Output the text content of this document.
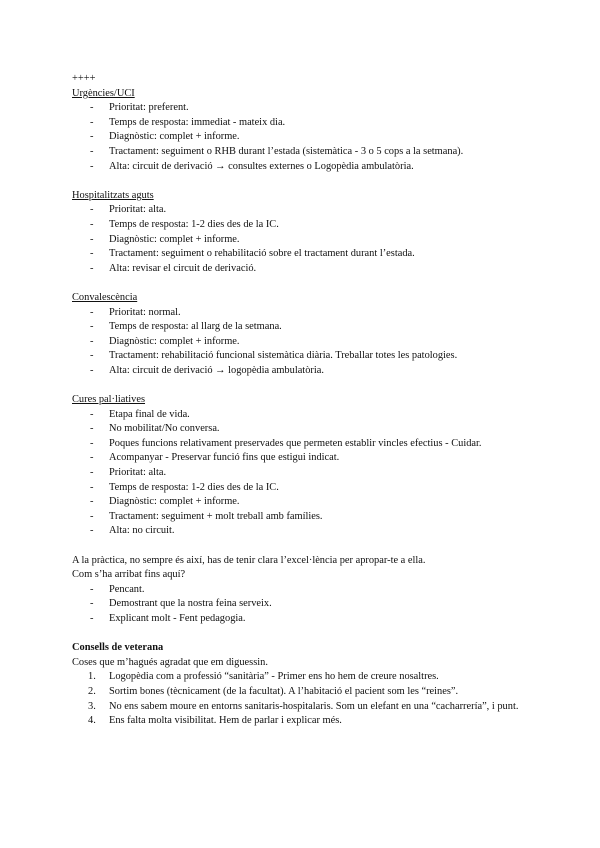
++++
Urgències/UCI
- Prioritat: preferent.
- Temps de resposta: immediat - mateix dia.
- Diagnòstic: complet + informe.
- Tractament: seguiment o RHB durant l’estada (sistemàtica - 3 o 5 cops a la setmana).
- Alta: circuit de derivació → consultes externes o Logopèdia ambulatòria.
Hospitalitzats aguts
- Prioritat: alta.
- Temps de resposta: 1-2 dies des de la IC.
- Diagnòstic: complet + informe.
- Tractament: seguiment o rehabilitació sobre el tractament durant l’estada.
- Alta: revisar el circuit de derivació.
Convalescència
- Prioritat: normal.
- Temps de resposta: al llarg de la setmana.
- Diagnòstic: complet + informe.
- Tractament: rehabilitació funcional sistemàtica diària. Treballar totes les patologies.
- Alta: circuit de derivació → logopèdia ambulatòria.
Cures pal·liatives
- Etapa final de vida.
- No mobilitat/No conversa.
- Poques funcions relativament preservades que permeten establir vincles efectius - Cuidar.
- Acompanyar - Preservar funció fins que estigui indicat.
- Prioritat: alta.
- Temps de resposta: 1-2 dies des de la IC.
- Diagnòstic: complet + informe.
- Tractament: seguiment + molt treball amb famílies.
- Alta: no circuit.
A la pràctica, no sempre és així, has de tenir clara l’excel·lència per apropar-te a ella.
Com s’ha arribat fins aquí?
- Pencant.
- Demostrant que la nostra feina serveix.
- Explicant molt - Fent pedagogia.
Consells de veterana
Coses que m’hagués agradat que em diguessin.
1. Logopèdia com a professió “sanitària” - Primer ens ho hem de creure nosaltres.
2. Sortim bones (tècnicament (de la facultat). A l’habitació el pacient som les “reines”.
3. No ens sabem moure en entorns sanitaris-hospitalaris. Som un elefant en una “cacharrería”, i punt.
4. Ens falta molta visibilitat. Hem de parlar i explicar més.
